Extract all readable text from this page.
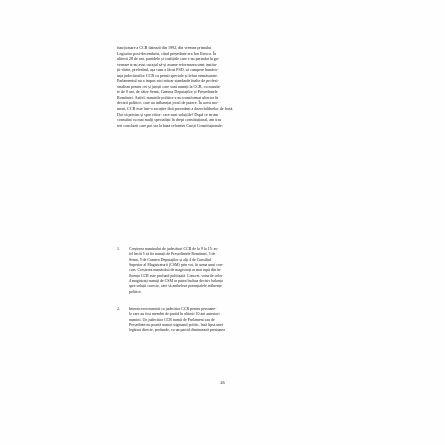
funcționare a CCR datează din 1992, din vremea primului
Legiuitor post-decembrist, când președinte era Ion Iliescu. În
ultimii 28 de ani, partidele și coalițiile care s-au perindat la gu-
vernare n-au avut curajul să-și asume reformarea unei institu-
ții-cheie, preferând, așa cum a făcut PSD, să cumpere bunăvo-
ința judecătorilor CCR cu pensii speciale și lefuri nemăsurate.
Parlamentul nu a impus nici măcar standarde înalte de profesi-
onalism pentru cei și juriști care sunt numiți la CCR, cu manda-
te de 9 ani, de către Senat, Camera Deputaților și Președintele
României. Astfel, numirile politice s-au transformat ulterior în
decizii politice, care au influențat jocul de putere. În acest mo-
ment, CCR este într-o ascuțire fără precedent a dezechilibrelor de forță.
Dar să privim și spre viitor: care sunt soluțiile? După ce m-am
consultat cu mai mulți specialiști în drept constituțional, am tras
trei concluzii care pot sta la baza reformei Curții Constituționale:
1.	Creșterea numărului de judecători CCR de la 9 la 15: as-
fel încât 5 să fie numiți de Președintele României, 5 de
Senat, 5 de Camera Deputaților și alți 4 de Consiliul
Superior al Magistraturii (CSM) prin vot, în urma unui con-
curs. Creșterea numărului de magistrați ar mai rupă din in-
fluența CCR este profund politizată. Concret, voturile celor
4 magistrați numiți de CSM ar putea înclina decisiv balanța
spre soluții corecte, care să aniheleze potențialele influențe
politice.
2.	Interzicerea numirii ca judecător CCR pentru persoane-
le care au fost membri de partid în ultimii 10 ani anteriori
numirii. Un judecător CCR numit de Parlament sau de
Președinte nu poartă numai stigmatul politic, însă lipsa unei
legături directe, profunde, cu un partid diminuează presiunea
26
